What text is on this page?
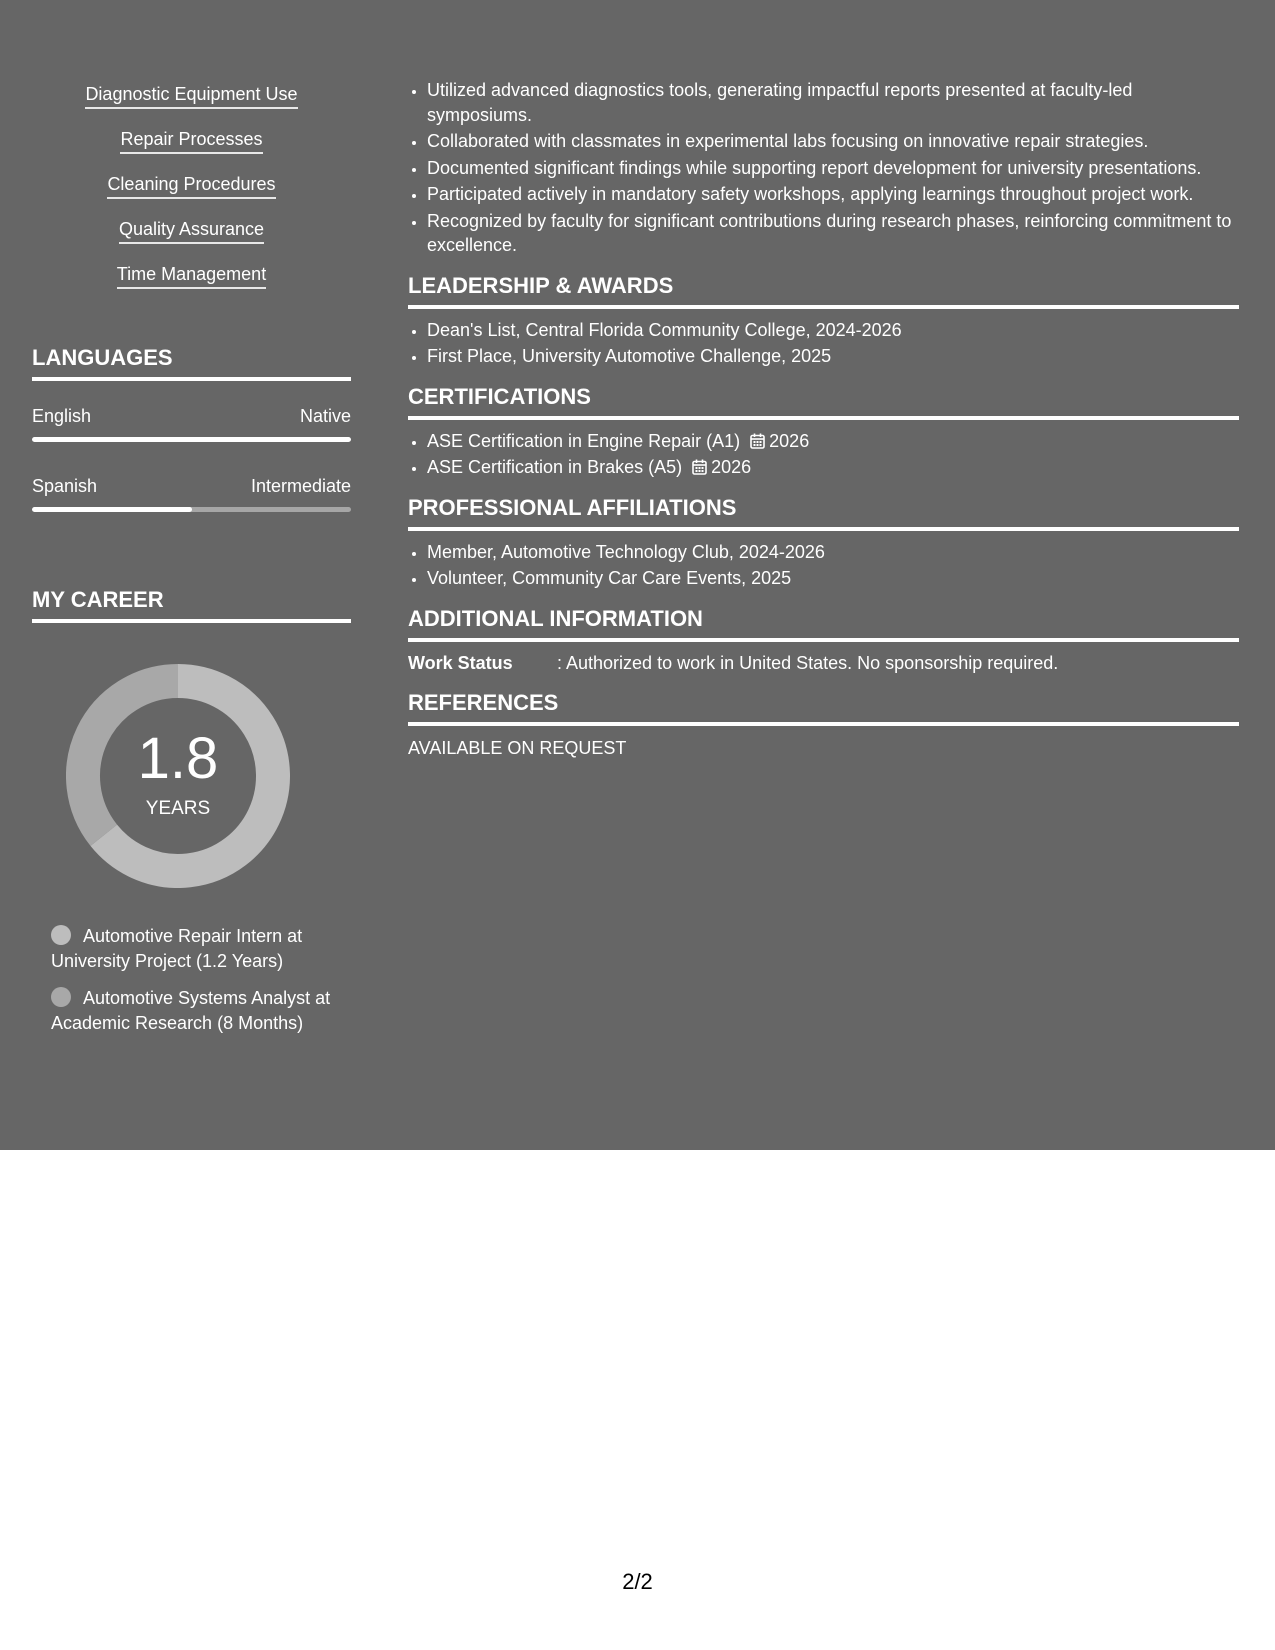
Diagnostic Equipment Use
Repair Processes
Cleaning Procedures
Quality Assurance
Time Management
LANGUAGES
English	Native
Spanish	Intermediate
MY CAREER
1.8
YEARS
Automotive Repair Intern at University Project (1.2 Years)
Automotive Systems Analyst at Academic Research (8 Months)
• Utilized advanced diagnostics tools, generating impactful reports presented at faculty-led symposiums.
• Collaborated with classmates in experimental labs focusing on innovative repair strategies.
• Documented significant findings while supporting report development for university presentations.
• Participated actively in mandatory safety workshops, applying learnings throughout project work.
• Recognized by faculty for significant contributions during research phases, reinforcing commitment to excellence.
LEADERSHIP & AWARDS
• Dean's List, Central Florida Community College, 2024-2026
• First Place, University Automotive Challenge, 2025
CERTIFICATIONS
• ASE Certification in Engine Repair (A1) 2026
• ASE Certification in Brakes (A5) 2026
PROFESSIONAL AFFILIATIONS
• Member, Automotive Technology Club, 2024-2026
• Volunteer, Community Car Care Events, 2025
ADDITIONAL INFORMATION
Work Status	: Authorized to work in United States. No sponsorship required.
REFERENCES
AVAILABLE ON REQUEST
2/2
